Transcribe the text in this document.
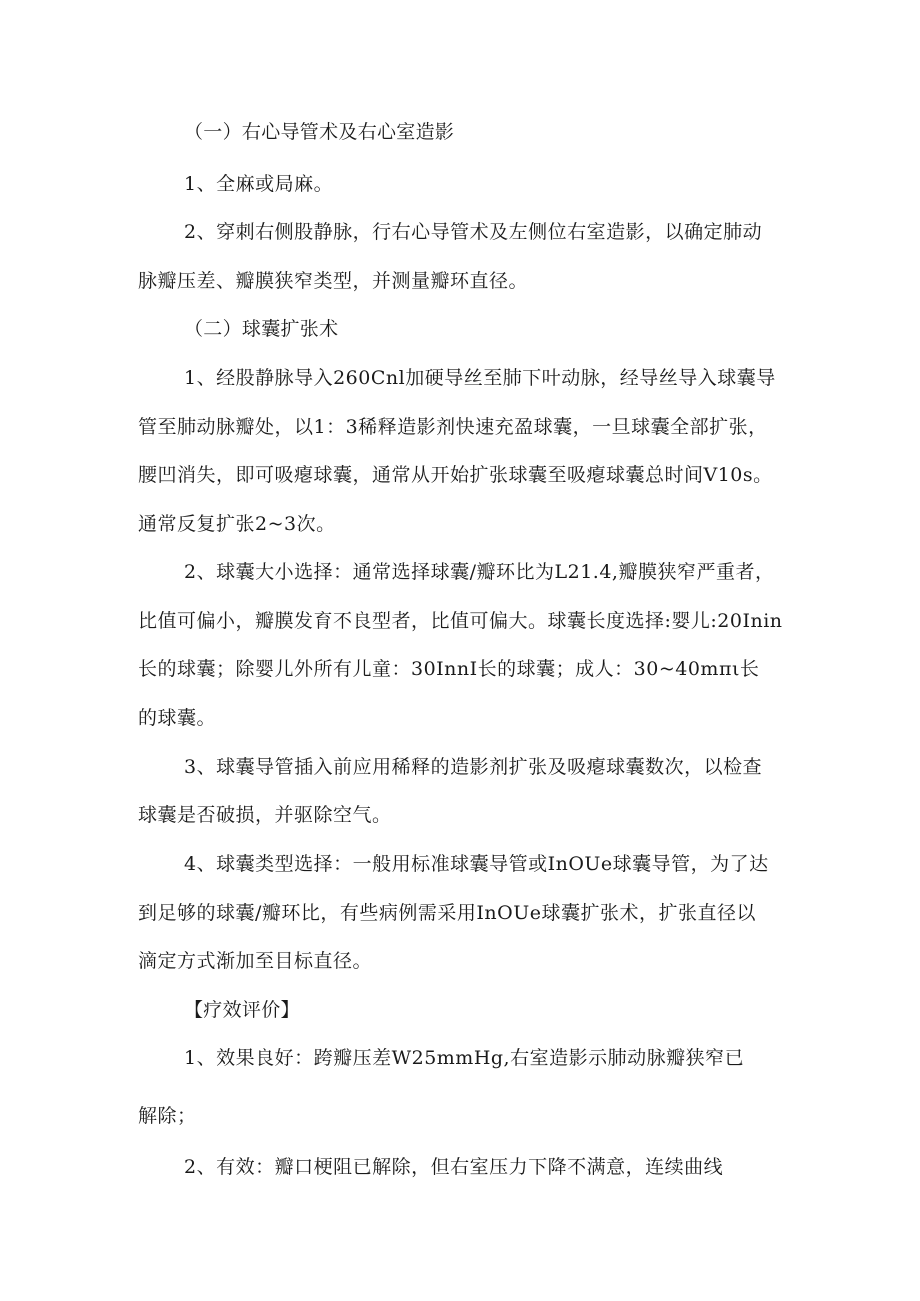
（一）右心导管术及右心室造影
1、全麻或局麻。
2、穿刺右侧股静脉，行右心导管术及左侧位右室造影，以确定肺动
脉瓣压差、瓣膜狭窄类型，并测量瓣环直径。
（二）球囊扩张术
1、经股静脉导入260Cnl加硬导丝至肺下叶动脉，经导丝导入球囊导
管至肺动脉瓣处，以1：3稀释造影剂快速充盈球囊，一旦球囊全部扩张，
腰凹消失，即可吸瘪球囊，通常从开始扩张球囊至吸瘪球囊总时间V10s。
通常反复扩张2~3次。
2、球囊大小选择：通常选择球囊/瓣环比为L21.4,瓣膜狭窄严重者，
比值可偏小，瓣膜发育不良型者，比值可偏大。球囊长度选择:婴儿:20Inin
长的球囊；除婴儿外所有儿童：30InnI长的球囊；成人：30~40mπι长
的球囊。
3、球囊导管插入前应用稀释的造影剂扩张及吸瘪球囊数次，以检查
球囊是否破损，并驱除空气。
4、球囊类型选择：一般用标准球囊导管或InOUe球囊导管，为了达
到足够的球囊/瓣环比，有些病例需采用InOUe球囊扩张术，扩张直径以
滴定方式渐加至目标直径。
【疗效评价】
1、效果良好：跨瓣压差W25mmHg,右室造影示肺动脉瓣狭窄已
解除；
2、有效：瓣口梗阻已解除，但右室压力下降不满意，连续曲线
